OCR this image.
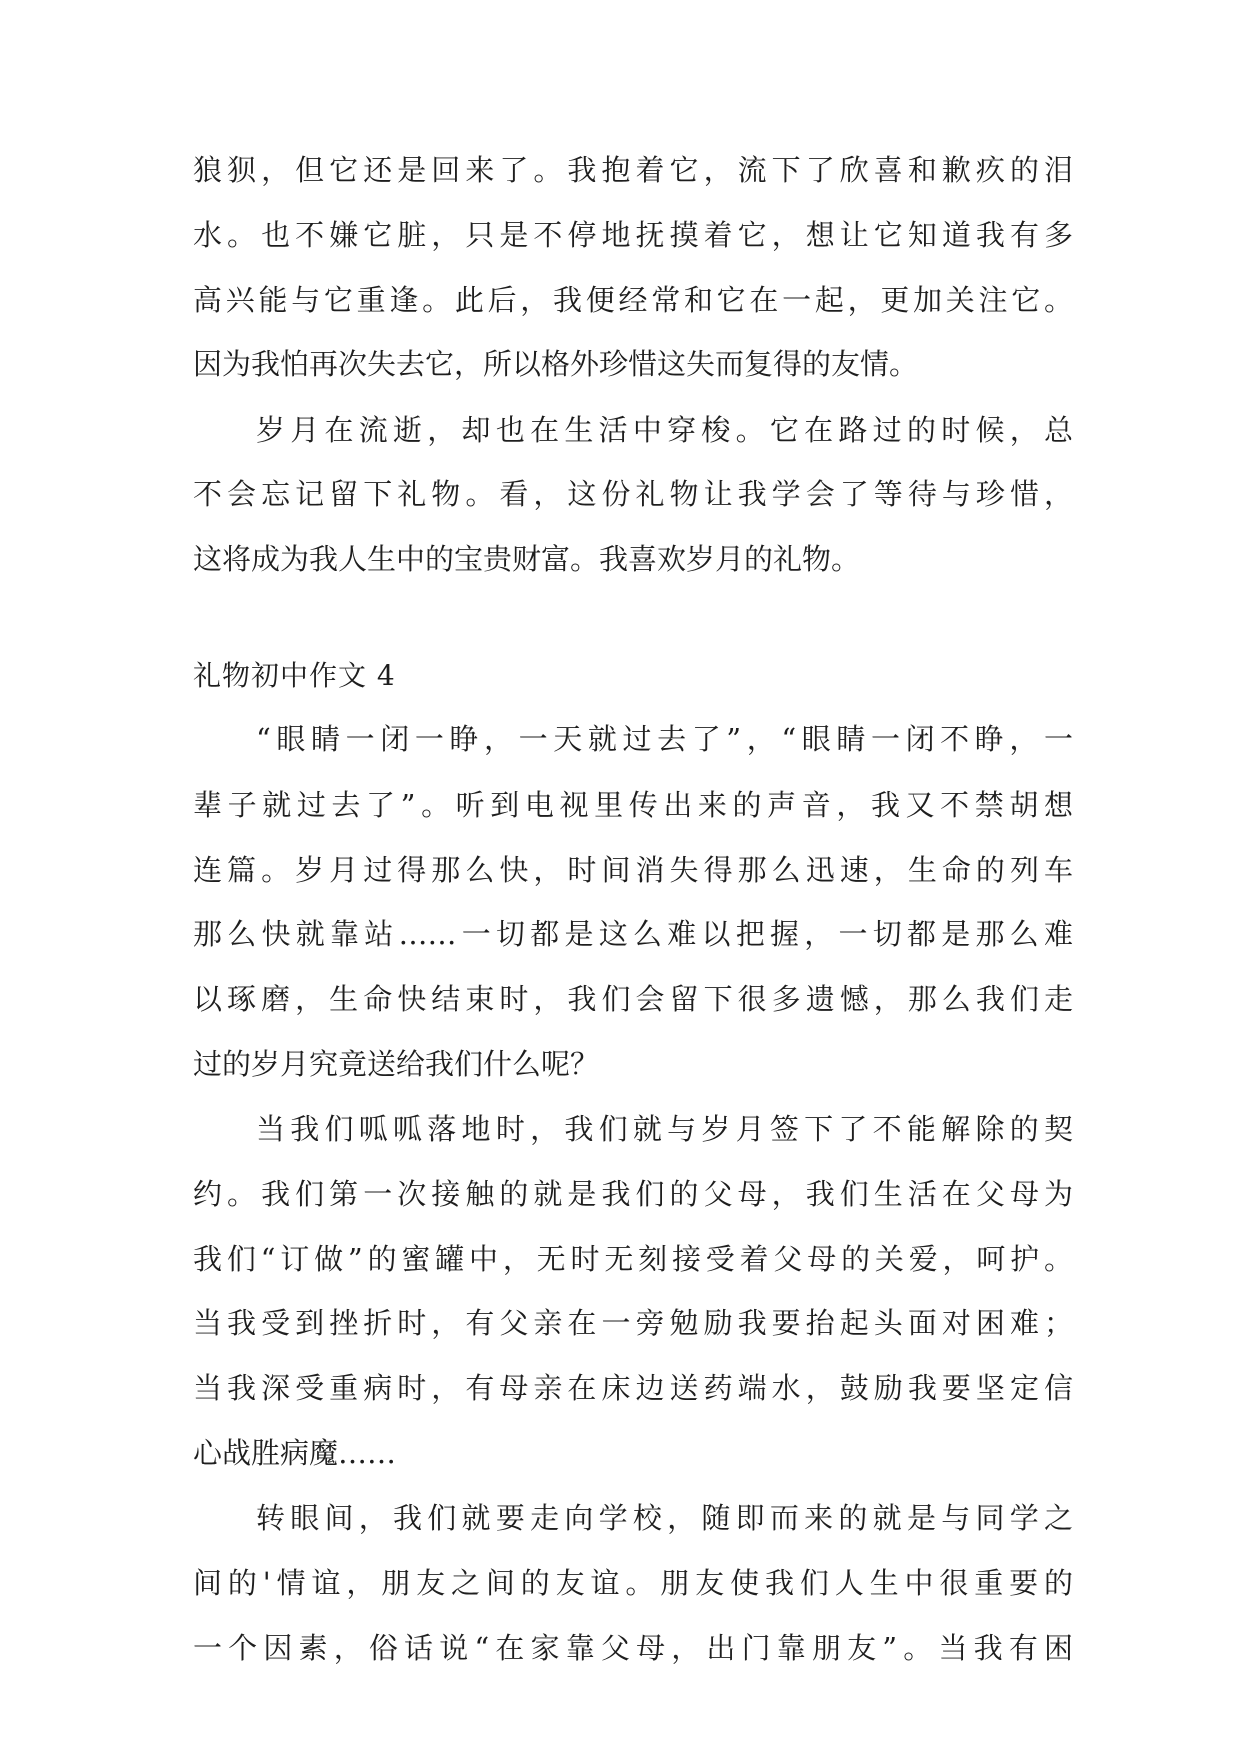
狼狈，但它还是回来了。我抱着它，流下了欣喜和歉疚的泪
水。也不嫌它脏，只是不停地抚摸着它，想让它知道我有多
高兴能与它重逢。此后，我便经常和它在一起，更加关注它。
因为我怕再次失去它，所以格外珍惜这失而复得的友情。
岁月在流逝，却也在生活中穿梭。它在路过的时候，总
不会忘记留下礼物。看，这份礼物让我学会了等待与珍惜，
这将成为我人生中的宝贵财富。我喜欢岁月的礼物。
礼物初中作文 4
“眼睛一闭一睁，一天就过去了”，“眼睛一闭不睁，一
辈子就过去了”。听到电视里传出来的声音，我又不禁胡想
连篇。岁月过得那么快，时间消失得那么迅速，生命的列车
那么快就靠站……一切都是这么难以把握，一切都是那么难
以琢磨，生命快结束时，我们会留下很多遗憾，那么我们走
过的岁月究竟送给我们什么呢？
当我们呱呱落地时，我们就与岁月签下了不能解除的契
约。我们第一次接触的就是我们的父母，我们生活在父母为
我们“订做”的蜜罐中，无时无刻接受着父母的关爱，呵护。
当我受到挫折时，有父亲在一旁勉励我要抬起头面对困难；
当我深受重病时，有母亲在床边送药端水，鼓励我要坚定信
心战胜病魔……
转眼间，我们就要走向学校，随即而来的就是与同学之
间的'情谊，朋友之间的友谊。朋友使我们人生中很重要的
一个因素，俗话说“在家靠父母，出门靠朋友”。当我有困
